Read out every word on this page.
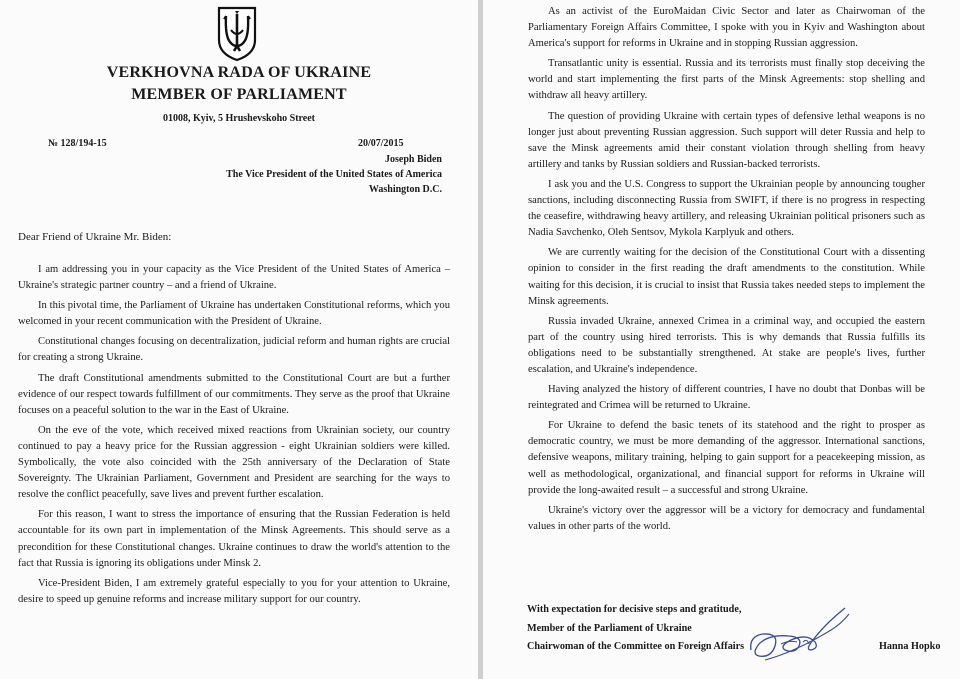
VERKHOVNA RADA OF UKRAINE
MEMBER OF PARLIAMENT
01008, Kyiv, 5 Hrushevskoho Street
№ 128/194-15	20/07/2015
Joseph Biden
The Vice President of the United States of America
Washington D.C.
Dear Friend of Ukraine Mr. Biden:

I am addressing you in your capacity as the Vice President of the United States of America – Ukraine's strategic partner country – and a friend of Ukraine.

In this pivotal time, the Parliament of Ukraine has undertaken Constitutional reforms, which you welcomed in your recent communication with the President of Ukraine.

Constitutional changes focusing on decentralization, judicial reform and human rights are crucial for creating a strong Ukraine.

The draft Constitutional amendments submitted to the Constitutional Court are but a further evidence of our respect towards fulfillment of our commitments. They serve as the proof that Ukraine focuses on a peaceful solution to the war in the East of Ukraine.

On the eve of the vote, which received mixed reactions from Ukrainian society, our country continued to pay a heavy price for the Russian aggression - eight Ukrainian soldiers were killed. Symbolically, the vote also coincided with the 25th anniversary of the Declaration of State Sovereignty. The Ukrainian Parliament, Government and President are searching for the ways to resolve the conflict peacefully, save lives and prevent further escalation.

For this reason, I want to stress the importance of ensuring that the Russian Federation is held accountable for its own part in implementation of the Minsk Agreements. This should serve as a precondition for these Constitutional changes. Ukraine continues to draw the world's attention to the fact that Russia is ignoring its obligations under Minsk 2.

Vice-President Biden, I am extremely grateful especially to you for your attention to Ukraine, desire to speed up genuine reforms and increase military support for our country.

As an activist of the EuroMaidan Civic Sector and later as Chairwoman of the Parliamentary Foreign Affairs Committee, I spoke with you in Kyiv and Washington about America's support for reforms in Ukraine and in stopping Russian aggression.

Transatlantic unity is essential. Russia and its terrorists must finally stop deceiving the world and start implementing the first parts of the Minsk Agreements: stop shelling and withdraw all heavy artillery.

The question of providing Ukraine with certain types of defensive lethal weapons is no longer just about preventing Russian aggression. Such support will deter Russia and help to save the Minsk agreements amid their constant violation through shelling from heavy artillery and tanks by Russian soldiers and Russian-backed terrorists.

I ask you and the U.S. Congress to support the Ukrainian people by announcing tougher sanctions, including disconnecting Russia from SWIFT, if there is no progress in respecting the ceasefire, withdrawing heavy artillery, and releasing Ukrainian political prisoners such as Nadia Savchenko, Oleh Sentsov, Mykola Karplyuk and others.

We are currently waiting for the decision of the Constitutional Court with a dissenting opinion to consider in the first reading the draft amendments to the constitution. While waiting for this decision, it is crucial to insist that Russia takes needed steps to implement the Minsk agreements.

Russia invaded Ukraine, annexed Crimea in a criminal way, and occupied the eastern part of the country using hired terrorists. This is why demands that Russia fulfills its obligations need to be substantially strengthened. At stake are people's lives, further escalation, and Ukraine's independence.

Having analyzed the history of different countries, I have no doubt that Donbas will be reintegrated and Crimea will be returned to Ukraine.

For Ukraine to defend the basic tenets of its statehood and the right to prosper as democratic country, we must be more demanding of the aggressor. International sanctions, defensive weapons, military training, helping to gain support for a peacekeeping mission, as well as methodological, organizational, and financial support for reforms in Ukraine will provide the long-awaited result – a successful and strong Ukraine.

Ukraine's victory over the aggressor will be a victory for democracy and fundamental values in other parts of the world.

With expectation for decisive steps and gratitude,
Member of the Parliament of Ukraine
Chairwoman of the Committee on Foreign Affairs	Hanna Hopko
